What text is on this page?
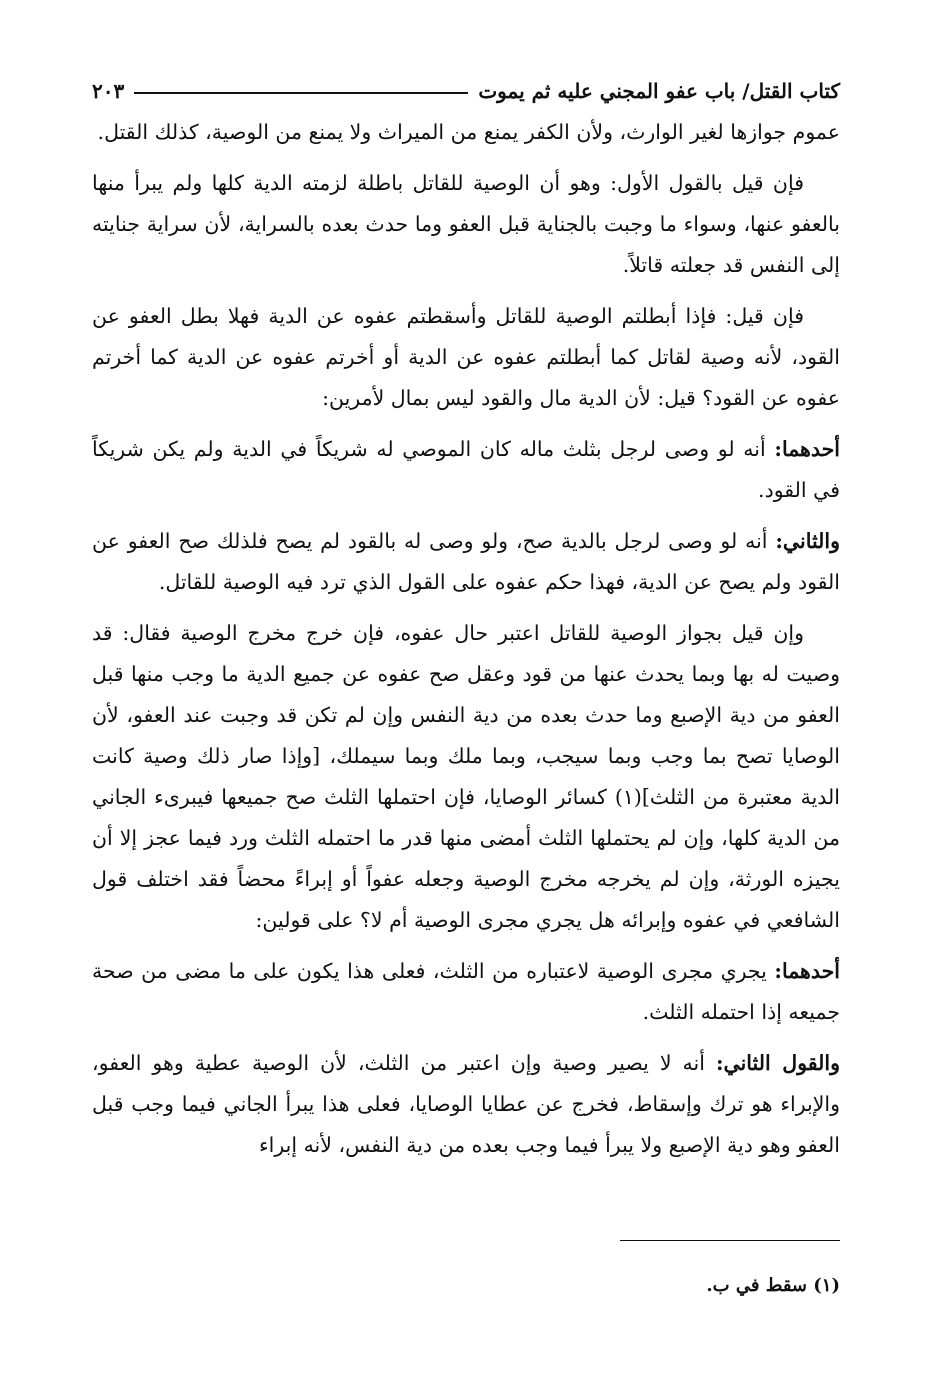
كتاب القتل/ باب عفو المجني عليه ثم يموت
٢٠٣

عموم جوازها لغير الوارث، ولأن الكفر يمنع من الميراث ولا يمنع من الوصية، كذلك القتل.

فإن قيل بالقول الأول: وهو أن الوصية للقاتل باطلة لزمته الدية كلها ولم يبرأ منها بالعفو عنها، وسواء ما وجبت بالجناية قبل العفو وما حدث بعده بالسراية، لأن سراية جنايته إلى النفس قد جعلته قاتلاً.

فإن قيل: فإذا أبطلتم الوصية للقاتل وأسقطتم عفوه عن الدية فهلا بطل العفو عن القود، لأنه وصية لقاتل كما أبطلتم عفوه عن الدية أو أخرتم عفوه عن الدية كما أخرتم عفوه عن القود؟ قيل: لأن الدية مال والقود ليس بمال لأمرين:

أحدهما: أنه لو وصى لرجل بثلث ماله كان الموصي له شريكاً في الدية ولم يكن شريكاً في القود.

والثاني: أنه لو وصى لرجل بالدية صح، ولو وصى له بالقود لم يصح فلذلك صح العفو عن القود ولم يصح عن الدية، فهذا حكم عفوه على القول الذي ترد فيه الوصية للقاتل.

وإن قيل بجواز الوصية للقاتل اعتبر حال عفوه، فإن خرج مخرج الوصية فقال: قد وصيت له بها وبما يحدث عنها من قود وعقل صح عفوه عن جميع الدية ما وجب منها قبل العفو من دية الإصبع وما حدث بعده من دية النفس وإن لم تكن قد وجبت عند العفو، لأن الوصايا تصح بما وجب وبما سيجب، وبما ملك وبما سيملك، [وإذا صار ذلك وصية كانت الدية معتبرة من الثلث](١) كسائر الوصايا، فإن احتملها الثلث صح جميعها فيبرىء الجاني من الدية كلها، وإن لم يحتملها الثلث أمضى منها قدر ما احتمله الثلث ورد فيما عجز إلا أن يجيزه الورثة، وإن لم يخرجه مخرج الوصية وجعله عفواً أو إبراءً محضاً فقد اختلف قول الشافعي في عفوه وإبرائه هل يجري مجرى الوصية أم لا؟ على قولين:

أحدهما: يجري مجرى الوصية لاعتباره من الثلث، فعلى هذا يكون على ما مضى من صحة جميعه إذا احتمله الثلث.

والقول الثاني: أنه لا يصير وصية وإن اعتبر من الثلث، لأن الوصية عطية وهو العفو، والإبراء هو ترك وإسقاط، فخرج عن عطايا الوصايا، فعلى هذا يبرأ الجاني فيما وجب قبل العفو وهو دية الإصبع ولا يبرأ فيما وجب بعده من دية النفس، لأنه إبراء

(١) سقط في ب.
